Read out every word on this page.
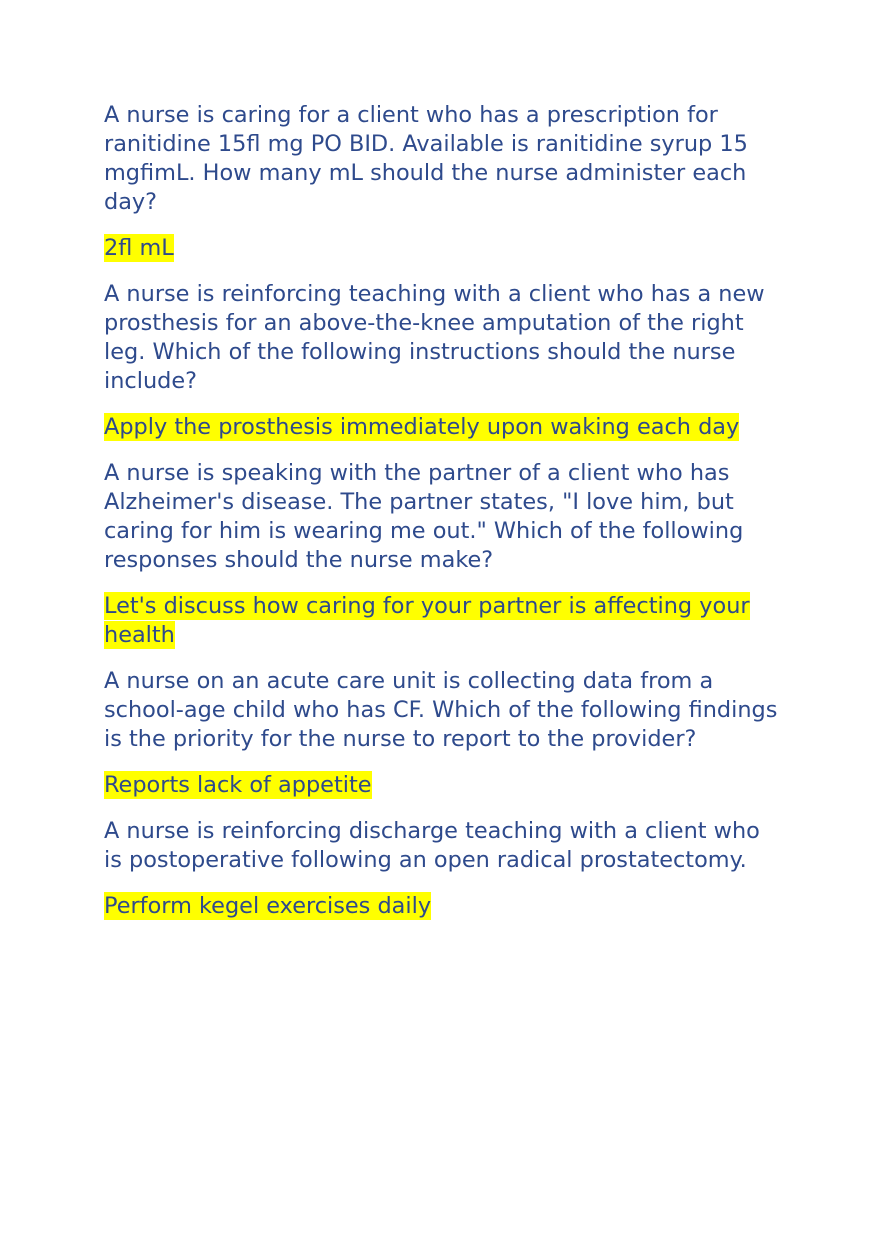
A nurse is caring for a client who has a prescription for ranitidine 15ﬂ mg PO BID. Available is ranitidine syrup 15 mgﬁmL. How many mL should the nurse administer each day?

2ﬂ mL

A nurse is reinforcing teaching with a client who has a new prosthesis for an above-the-knee amputation of the right leg. Which of the following instructions should the nurse include?

Apply the prosthesis immediately upon waking each day

A nurse is speaking with the partner of a client who has Alzheimer's disease. The partner states, "I love him, but caring for him is wearing me out." Which of the following responses should the nurse make?

Let's discuss how caring for your partner is affecting your health

A nurse on an acute care unit is collecting data from a school-age child who has CF. Which of the following findings is the priority for the nurse to report to the provider?

Reports lack of appetite

A nurse is reinforcing discharge teaching with a client who is postoperative following an open radical prostatectomy.

Perform kegel exercises daily
